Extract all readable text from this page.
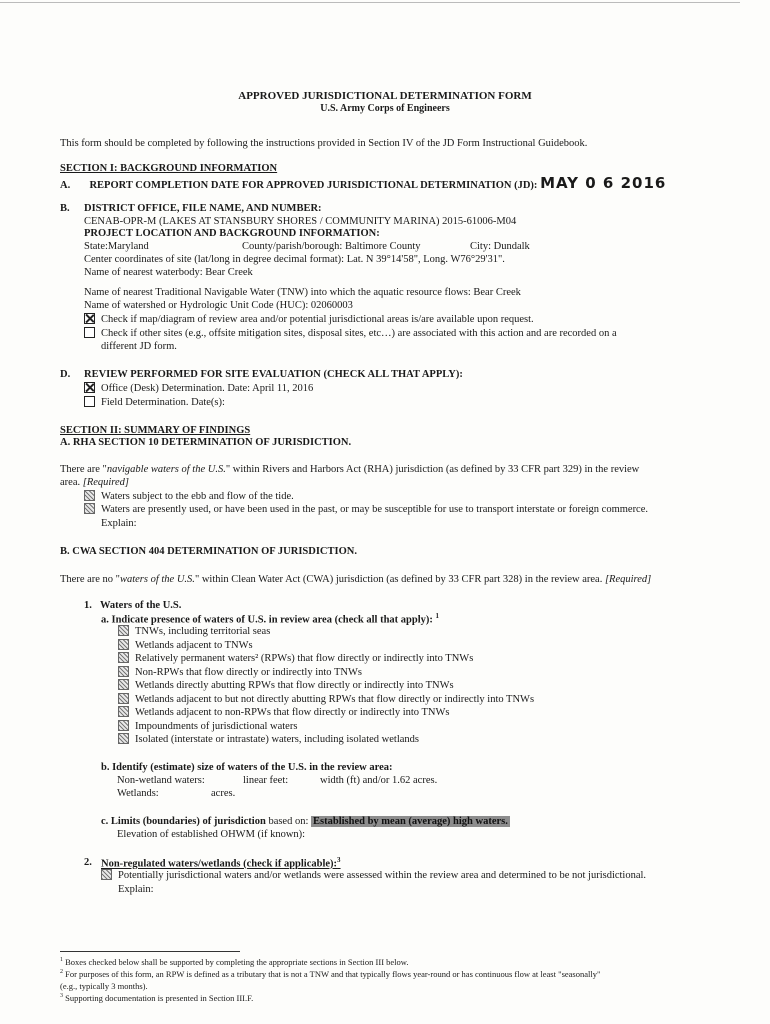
APPROVED JURISDICTIONAL DETERMINATION FORM
U.S. Army Corps of Engineers
This form should be completed by following the instructions provided in Section IV of the JD Form Instructional Guidebook.
SECTION I: BACKGROUND INFORMATION
A. REPORT COMPLETION DATE FOR APPROVED JURISDICTIONAL DETERMINATION (JD): MAY 0 6 2016
B. DISTRICT OFFICE, FILE NAME, AND NUMBER:
CENAB-OPR-M (LAKES AT STANSBURY SHORES / COMMUNITY MARINA) 2015-61006-M04
PROJECT LOCATION AND BACKGROUND INFORMATION:
State:Maryland	County/parish/borough: Baltimore County	City: Dundalk
Center coordinates of site (lat/long in degree decimal format): Lat. N 39°14'58", Long. W76°29'31".
Name of nearest waterbody: Bear Creek
Name of nearest Traditional Navigable Water (TNW) into which the aquatic resource flows: Bear Creek
Name of watershed or Hydrologic Unit Code (HUC): 02060003
Check if map/diagram of review area and/or potential jurisdictional areas is/are available upon request.
Check if other sites (e.g., offsite mitigation sites, disposal sites, etc…) are associated with this action and are recorded on a
different JD form.
D. REVIEW PERFORMED FOR SITE EVALUATION (CHECK ALL THAT APPLY):
Office (Desk) Determination. Date: April 11, 2016
Field Determination. Date(s):
SECTION II: SUMMARY OF FINDINGS
A. RHA SECTION 10 DETERMINATION OF JURISDICTION.
There are "navigable waters of the U.S." within Rivers and Harbors Act (RHA) jurisdiction (as defined by 33 CFR part 329) in the review
area. [Required]
Waters subject to the ebb and flow of the tide.
Waters are presently used, or have been used in the past, or may be susceptible for use to transport interstate or foreign commerce.
Explain:
B. CWA SECTION 404 DETERMINATION OF JURISDICTION.
There are no "waters of the U.S." within Clean Water Act (CWA) jurisdiction (as defined by 33 CFR part 328) in the review area. [Required]
1. Waters of the U.S.
a. Indicate presence of waters of U.S. in review area (check all that apply): $^1$
TNWs, including territorial seas
Wetlands adjacent to TNWs
Relatively permanent waters² (RPWs) that flow directly or indirectly into TNWs
Non-RPWs that flow directly or indirectly into TNWs
Wetlands directly abutting RPWs that flow directly or indirectly into TNWs
Wetlands adjacent to but not directly abutting RPWs that flow directly or indirectly into TNWs
Wetlands adjacent to non-RPWs that flow directly or indirectly into TNWs
Impoundments of jurisdictional waters
Isolated (interstate or intrastate) waters, including isolated wetlands
b. Identify (estimate) size of waters of the U.S. in the review area:
Non-wetland waters:	linear feet:	width (ft) and/or 1.62 acres.
Wetlands:	acres.
c. Limits (boundaries) of jurisdiction based on: Established by mean (average) high waters.
Elevation of established OHWM (if known):
2. Non-regulated waters/wetlands (check if applicable):$^3$
Potentially jurisdictional waters and/or wetlands were assessed within the review area and determined to be not jurisdictional.
Explain:
$^1$ Boxes checked below shall be supported by completing the appropriate sections in Section III below.
$^2$ For purposes of this form, an RPW is defined as a tributary that is not a TNW and that typically flows year-round or has continuous flow at least "seasonally"
(e.g., typically 3 months).
$^3$ Supporting documentation is presented in Section III.F.
